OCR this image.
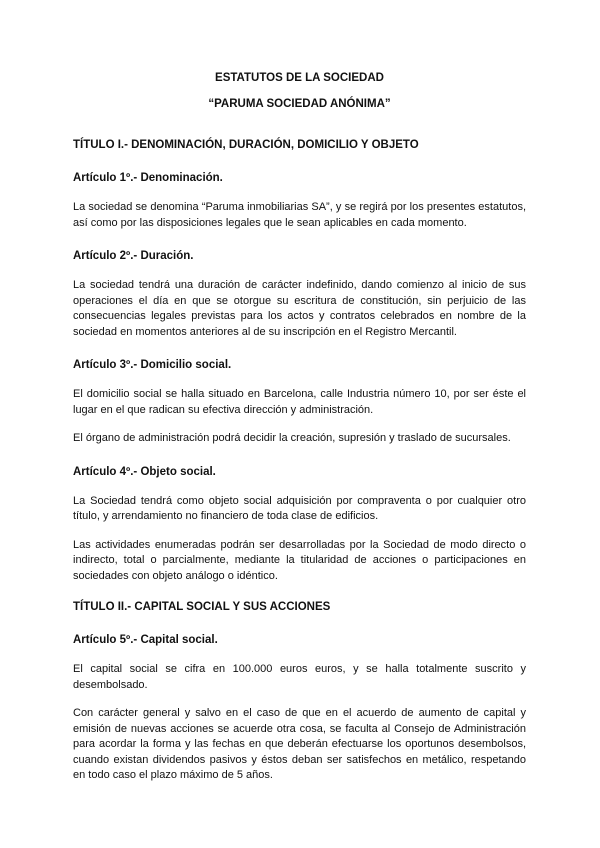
ESTATUTOS DE LA SOCIEDAD

“PARUMA SOCIEDAD ANÓNIMA”

TÍTULO I.- DENOMINACIÓN, DURACIÓN, DOMICILIO Y OBJETO

Artículo 1º.- Denominación.

La sociedad se denomina “Paruma inmobiliarias SA”, y se regirá por los presentes estatutos, así como por las disposiciones legales que le sean aplicables en cada momento.

Artículo 2º.- Duración.

La sociedad tendrá una duración de carácter indefinido, dando comienzo al inicio de sus operaciones el día en que se otorgue su escritura de constitución, sin perjuicio de las consecuencias legales previstas para los actos y contratos celebrados en nombre de la sociedad en momentos anteriores al de su inscripción en el Registro Mercantil.

Artículo 3º.- Domicilio social.

El domicilio social se halla situado en Barcelona, calle Industria número 10, por ser éste el lugar en el que radican su efectiva dirección y administración.

El órgano de administración podrá decidir la creación, supresión y traslado de sucursales.

Artículo 4º.- Objeto social.

La Sociedad tendrá como objeto social adquisición por compraventa o por cualquier otro título, y arrendamiento no financiero de toda clase de edificios.

Las actividades enumeradas podrán ser desarrolladas por la Sociedad de modo directo o indirecto, total o parcialmente, mediante la titularidad de acciones o participaciones en sociedades con objeto análogo o idéntico.

TÍTULO II.- CAPITAL SOCIAL Y SUS ACCIONES

Artículo 5º.- Capital social.

El capital social se cifra en 100.000 euros euros, y se halla totalmente suscrito y desembolsado.

Con carácter general y salvo en el caso de que en el acuerdo de aumento de capital y emisión de nuevas acciones se acuerde otra cosa, se faculta al Consejo de Administración para acordar la forma y las fechas en que deberán efectuarse los oportunos desembolsos, cuando existan dividendos pasivos y éstos deban ser satisfechos en metálico, respetando en todo caso el plazo máximo de 5 años.
